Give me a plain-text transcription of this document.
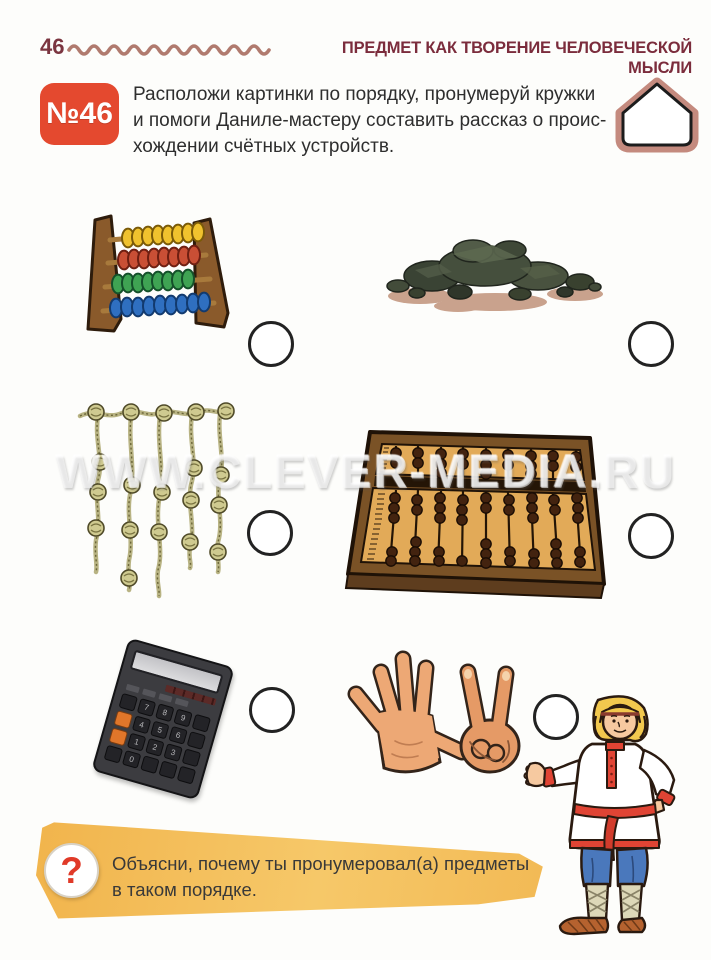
46	ПРЕДМЕТ КАК ТВОРЕНИЕ ЧЕЛОВЕЧЕСКОЙ МЫСЛИ
№46
Расположи картинки по порядку, пронумеруй кружки
и помоги Даниле-мастеру составить рассказ о проис-
хождении счётных устройств.
7
8
9
4
5
6
1
2
3
0
WWW.CLEVER-MEDIA.RU
? Объясни, почему ты пронумеровал(а) предметы
в таком порядке.
